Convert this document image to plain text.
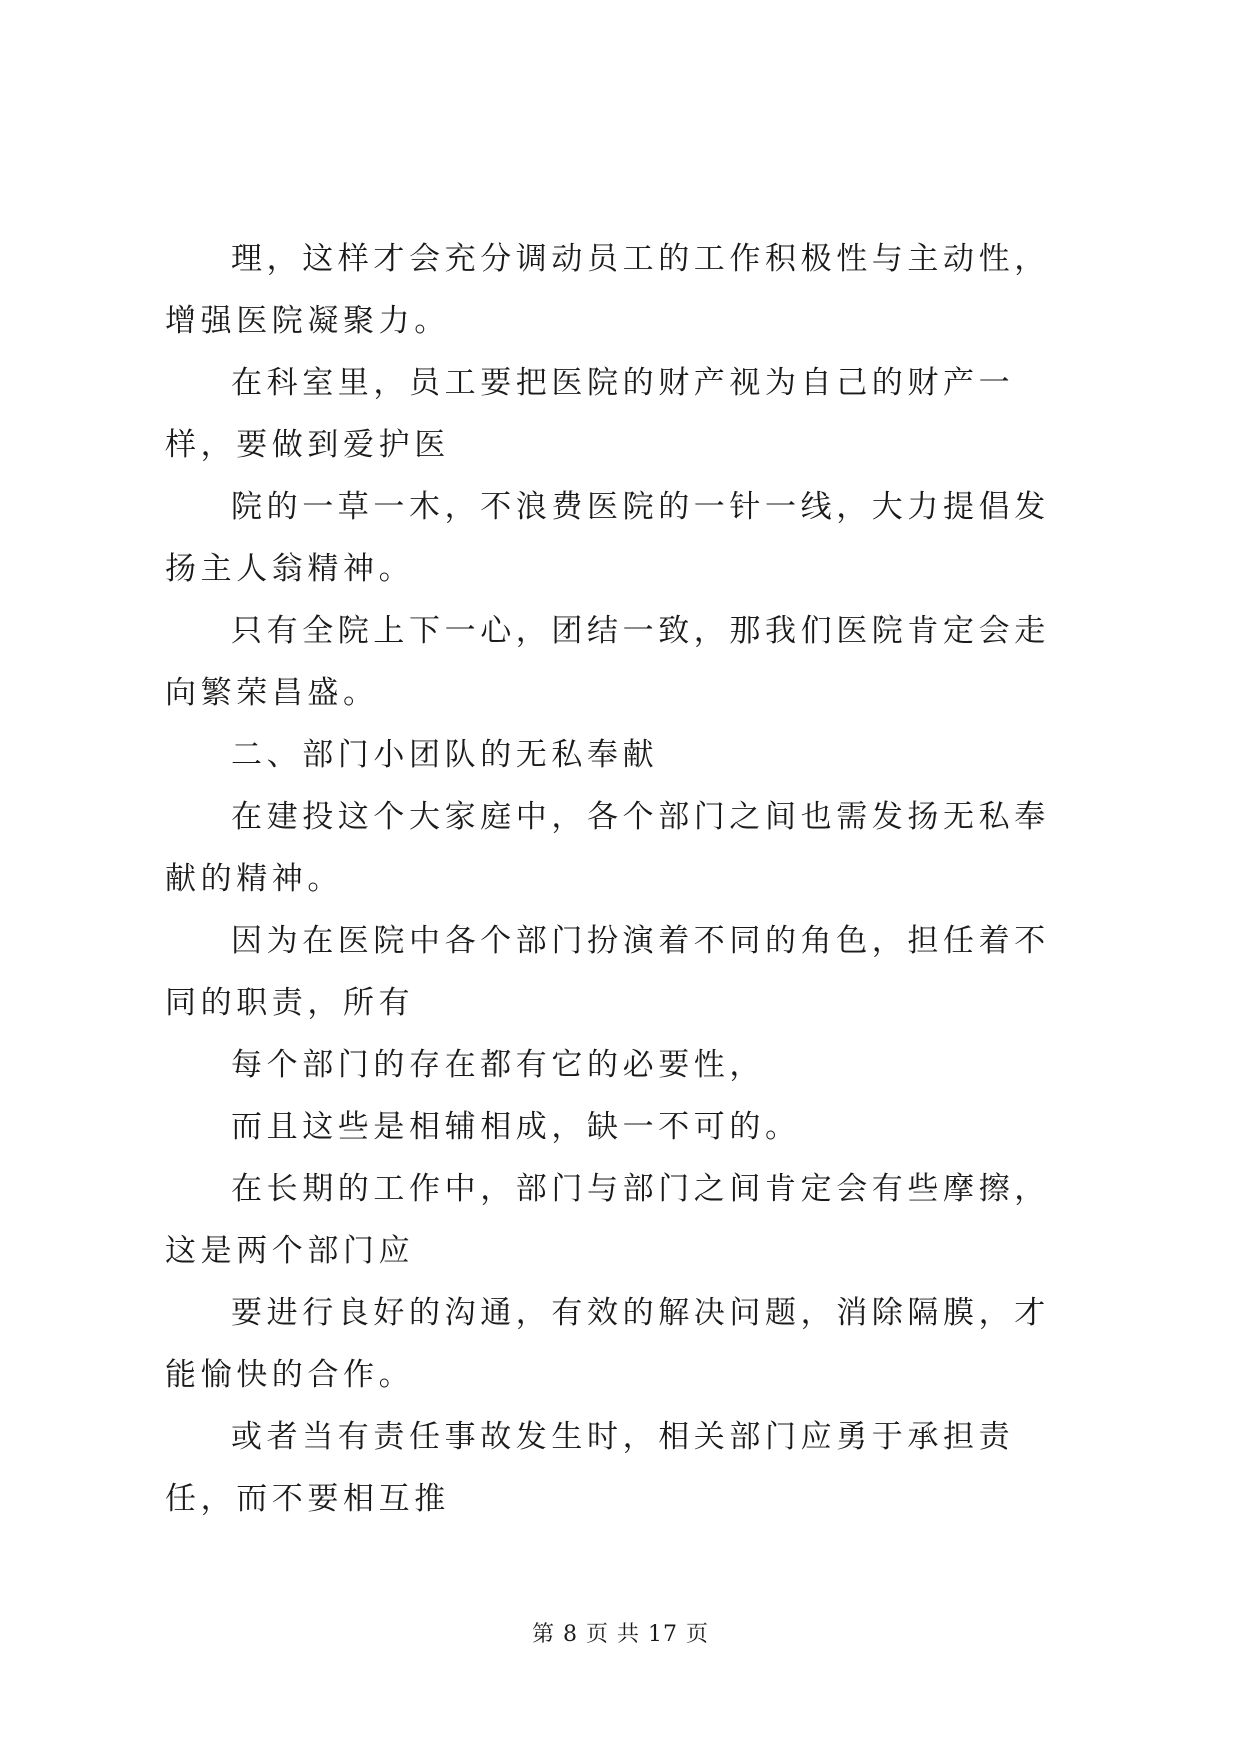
理，这样才会充分调动员工的工作积极性与主动性，增强医院凝聚力。

在科室里，员工要把医院的财产视为自己的财产一样，要做到爱护医

院的一草一木，不浪费医院的一针一线，大力提倡发扬主人翁精神。

只有全院上下一心，团结一致，那我们医院肯定会走向繁荣昌盛。

二、部门小团队的无私奉献

在建投这个大家庭中，各个部门之间也需发扬无私奉献的精神。

因为在医院中各个部门扮演着不同的角色，担任着不同的职责，所有

每个部门的存在都有它的必要性，

而且这些是相辅相成，缺一不可的。

在长期的工作中，部门与部门之间肯定会有些摩擦，这是两个部门应

要进行良好的沟通，有效的解决问题，消除隔膜，才能愉快的合作。

或者当有责任事故发生时，相关部门应勇于承担责任，而不要相互推

第 8 页 共 17 页
